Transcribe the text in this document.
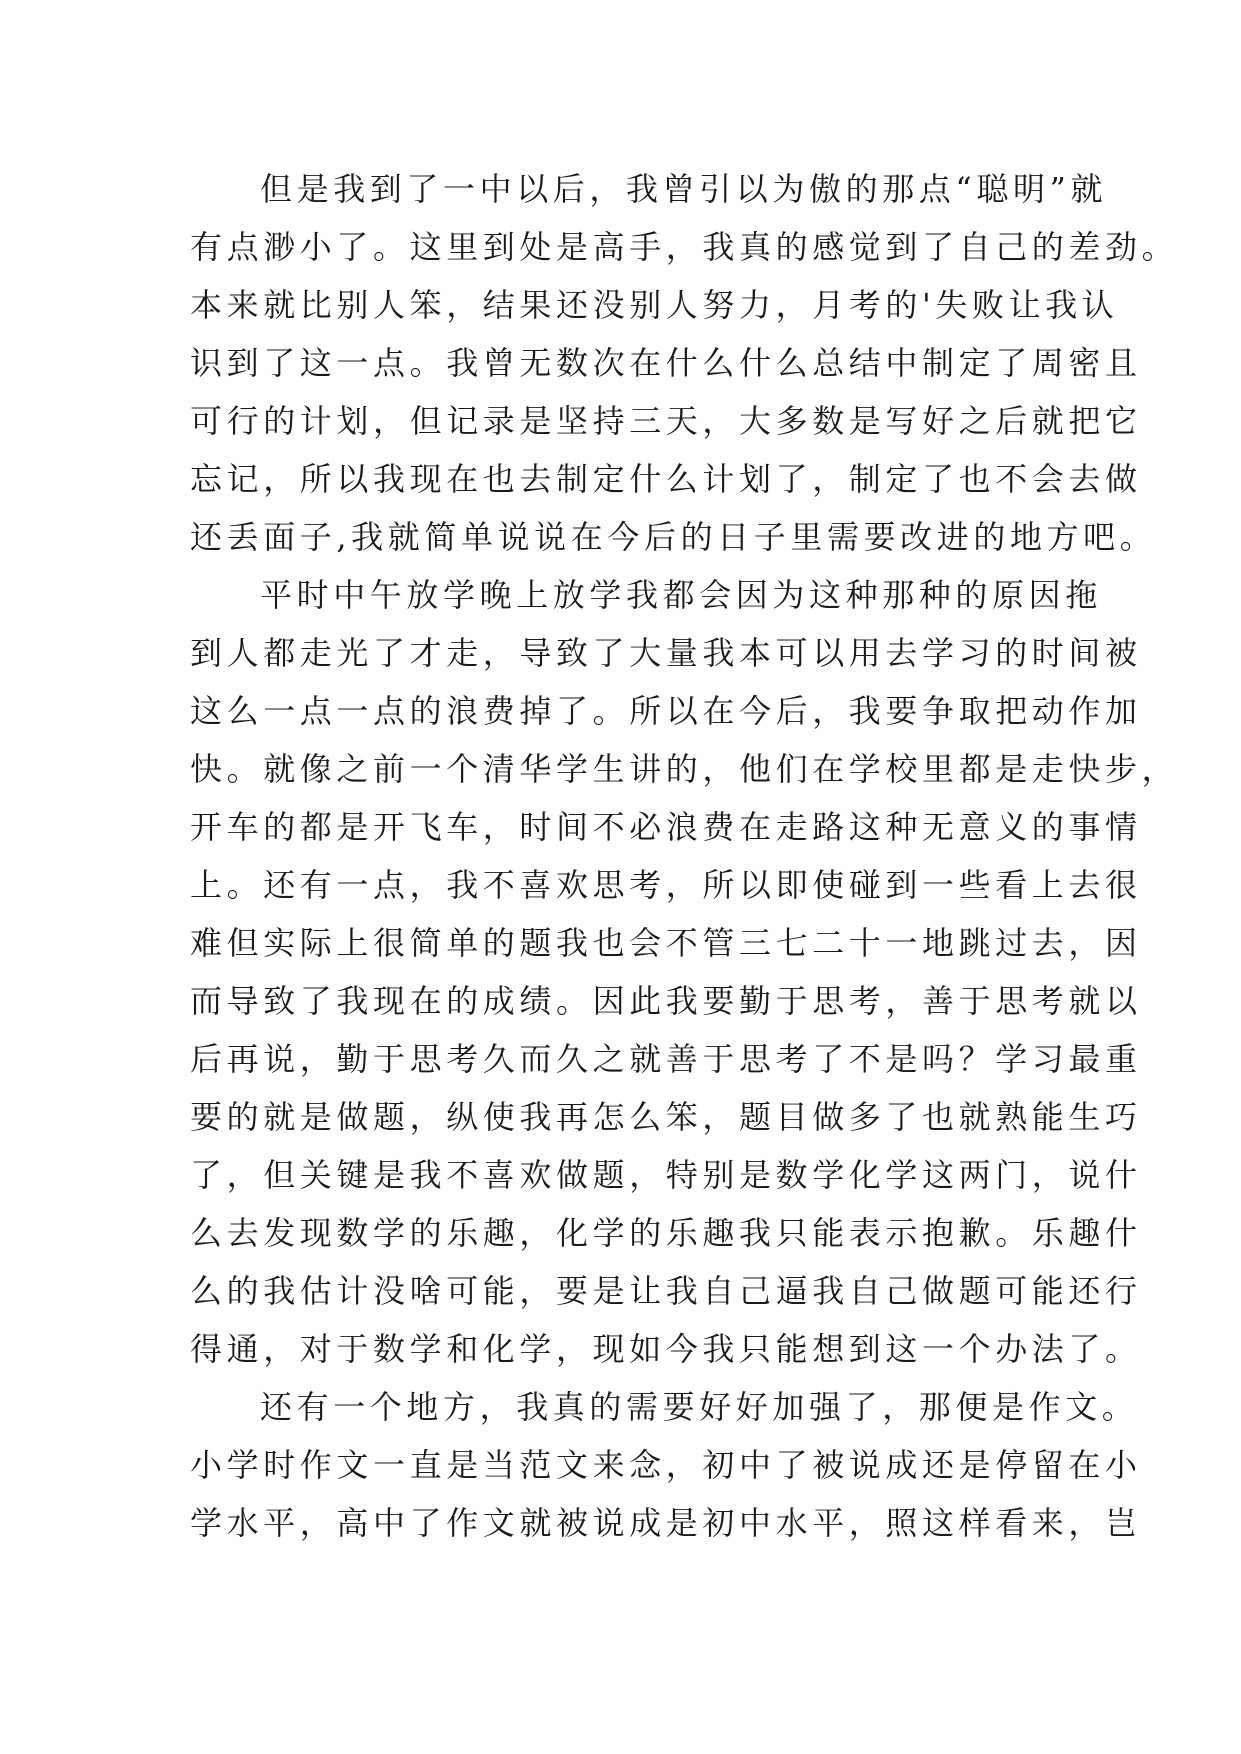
但是我到了一中以后，我曾引以为傲的那点“聪明”就
有点渺小了。这里到处是高手，我真的感觉到了自己的差劲。
本来就比别人笨，结果还没别人努力，月考的'失败让我认
识到了这一点。我曾无数次在什么什么总结中制定了周密且
可行的计划，但记录是坚持三天，大多数是写好之后就把它
忘记，所以我现在也去制定什么计划了，制定了也不会去做
还丢面子,我就简单说说在今后的日子里需要改进的地方吧。
平时中午放学晚上放学我都会因为这种那种的原因拖
到人都走光了才走，导致了大量我本可以用去学习的时间被
这么一点一点的浪费掉了。所以在今后，我要争取把动作加
快。就像之前一个清华学生讲的，他们在学校里都是走快步，
开车的都是开飞车，时间不必浪费在走路这种无意义的事情
上。还有一点，我不喜欢思考，所以即使碰到一些看上去很
难但实际上很简单的题我也会不管三七二十一地跳过去，因
而导致了我现在的成绩。因此我要勤于思考，善于思考就以
后再说，勤于思考久而久之就善于思考了不是吗？学习最重
要的就是做题，纵使我再怎么笨，题目做多了也就熟能生巧
了，但关键是我不喜欢做题，特别是数学化学这两门，说什
么去发现数学的乐趣，化学的乐趣我只能表示抱歉。乐趣什
么的我估计没啥可能，要是让我自己逼我自己做题可能还行
得通，对于数学和化学，现如今我只能想到这一个办法了。
还有一个地方，我真的需要好好加强了，那便是作文。
小学时作文一直是当范文来念，初中了被说成还是停留在小
学水平，高中了作文就被说成是初中水平，照这样看来，岂
